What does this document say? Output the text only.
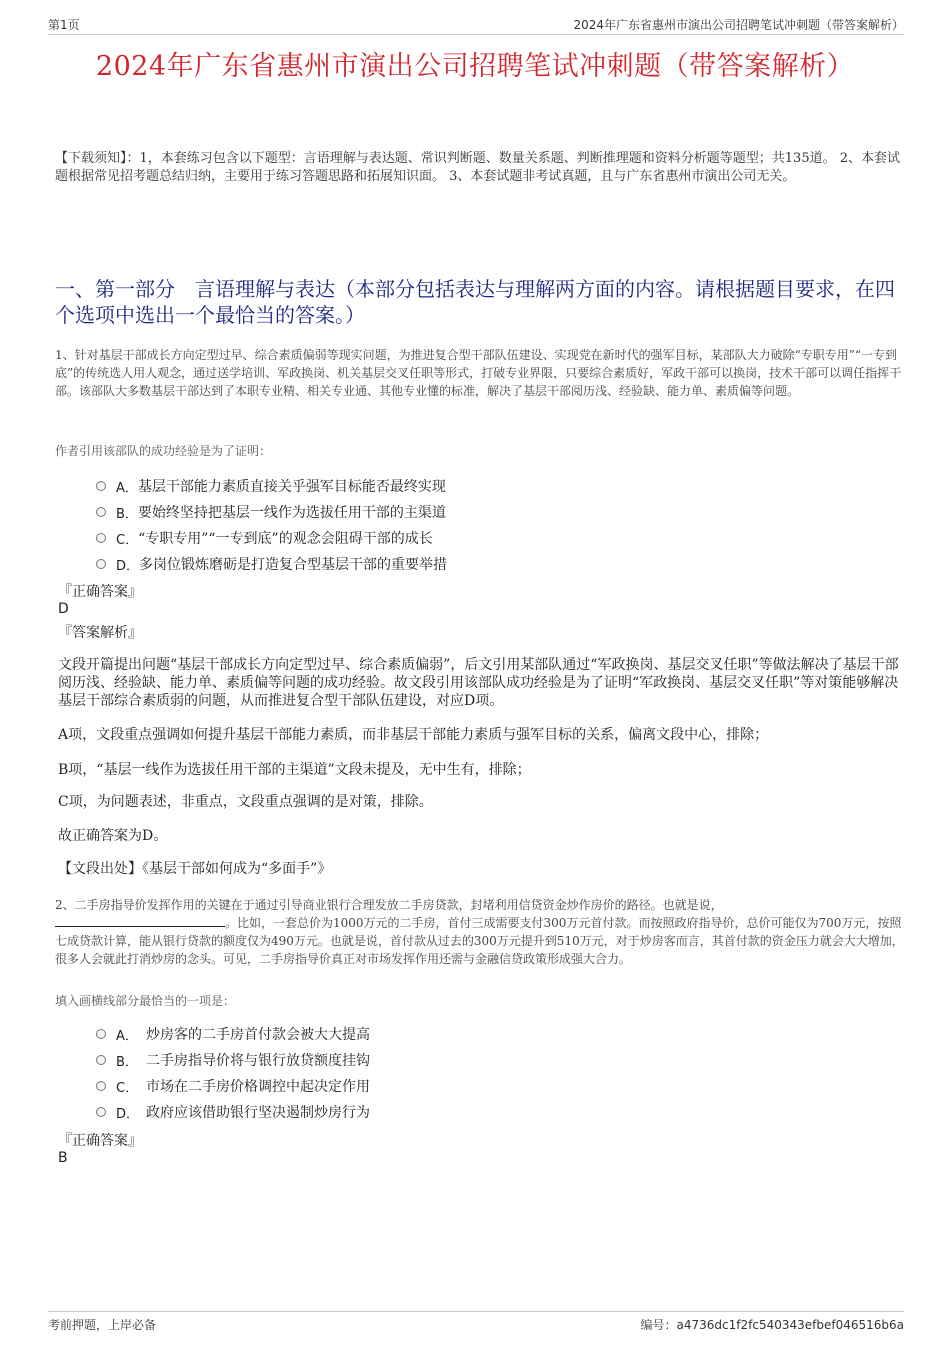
第1页	2024年广东省惠州市演出公司招聘笔试冲刺题（带答案解析）
2024年广东省惠州市演出公司招聘笔试冲刺题（带答案解析）
【下载须知】：1，本套练习包含以下题型：言语理解与表达题、常识判断题、数量关系题、判断推理题和资料分析题等题型；共135道。 2、本套试题根据常见招考题总结归纳，主要用于练习答题思路和拓展知识面。 3、本套试题非考试真题，且与广东省惠州市演出公司无关。
一、第一部分　言语理解与表达（本部分包括表达与理解两方面的内容。请根据题目要求，在四个选项中选出一个最恰当的答案。）
1、针对基层干部成长方向定型过早、综合素质偏弱等现实问题，为推进复合型干部队伍建设、实现党在新时代的强军目标，某部队大力破除“专职专用”“一专到底”的传统选人用人观念，通过送学培训、军政换岗、机关基层交叉任职等形式，打破专业界限，只要综合素质好，军政干部可以换岗，技术干部可以调任指挥干部。该部队大多数基层干部达到了本职专业精、相关专业通、其他专业懂的标准，解决了基层干部阅历浅、经验缺、能力单、素质偏等问题。
作者引用该部队的成功经验是为了证明：
A． 基层干部能力素质直接关乎强军目标能否最终实现
B． 要始终坚持把基层一线作为选拔任用干部的主渠道
C． “专职专用”“一专到底”的观念会阻碍干部的成长
D． 多岗位锻炼磨砺是打造复合型基层干部的重要举措
『正确答案』
D
『答案解析』
文段开篇提出问题“基层干部成长方向定型过早、综合素质偏弱”，后文引用某部队通过“军政换岗、基层交叉任职”等做法解决了基层干部阅历浅、经验缺、能力单、素质偏等问题的成功经验。故文段引用该部队成功经验是为了证明“军政换岗、基层交叉任职”等对策能够解决基层干部综合素质弱的问题，从而推进复合型干部队伍建设，对应D项。
A项，文段重点强调如何提升基层干部能力素质，而非基层干部能力素质与强军目标的关系，偏离文段中心，排除；
B项，“基层一线作为选拔任用干部的主渠道”文段未提及，无中生有，排除；
C项，为问题表述，非重点，文段重点强调的是对策，排除。
故正确答案为D。
【文段出处】《基层干部如何成为“多面手”》
2、二手房指导价发挥作用的关键在于通过引导商业银行合理发放二手房贷款，封堵利用信贷资金炒作房价的路径。也就是说，
。比如，一套总价为1000万元的二手房，首付三成需要支付300万元首付款。而按照政府指导价，总价可能仅为700万元，按照七成贷款计算，能从银行贷款的额度仅为490万元。也就是说，首付款从过去的300万元提升到510万元，对于炒房客而言，其首付款的资金压力就会大大增加，很多人会就此打消炒房的念头。可见，二手房指导价真正对市场发挥作用还需与金融信贷政策形成强大合力。
填入画横线部分最恰当的一项是：
A． 炒房客的二手房首付款会被大大提高
B． 二手房指导价将与银行放贷额度挂钩
C． 市场在二手房价格调控中起决定作用
D． 政府应该借助银行坚决遏制炒房行为
『正确答案』
B
考前押题，上岸必备	编号：a4736dc1f2fc540343efbef046516b6a
